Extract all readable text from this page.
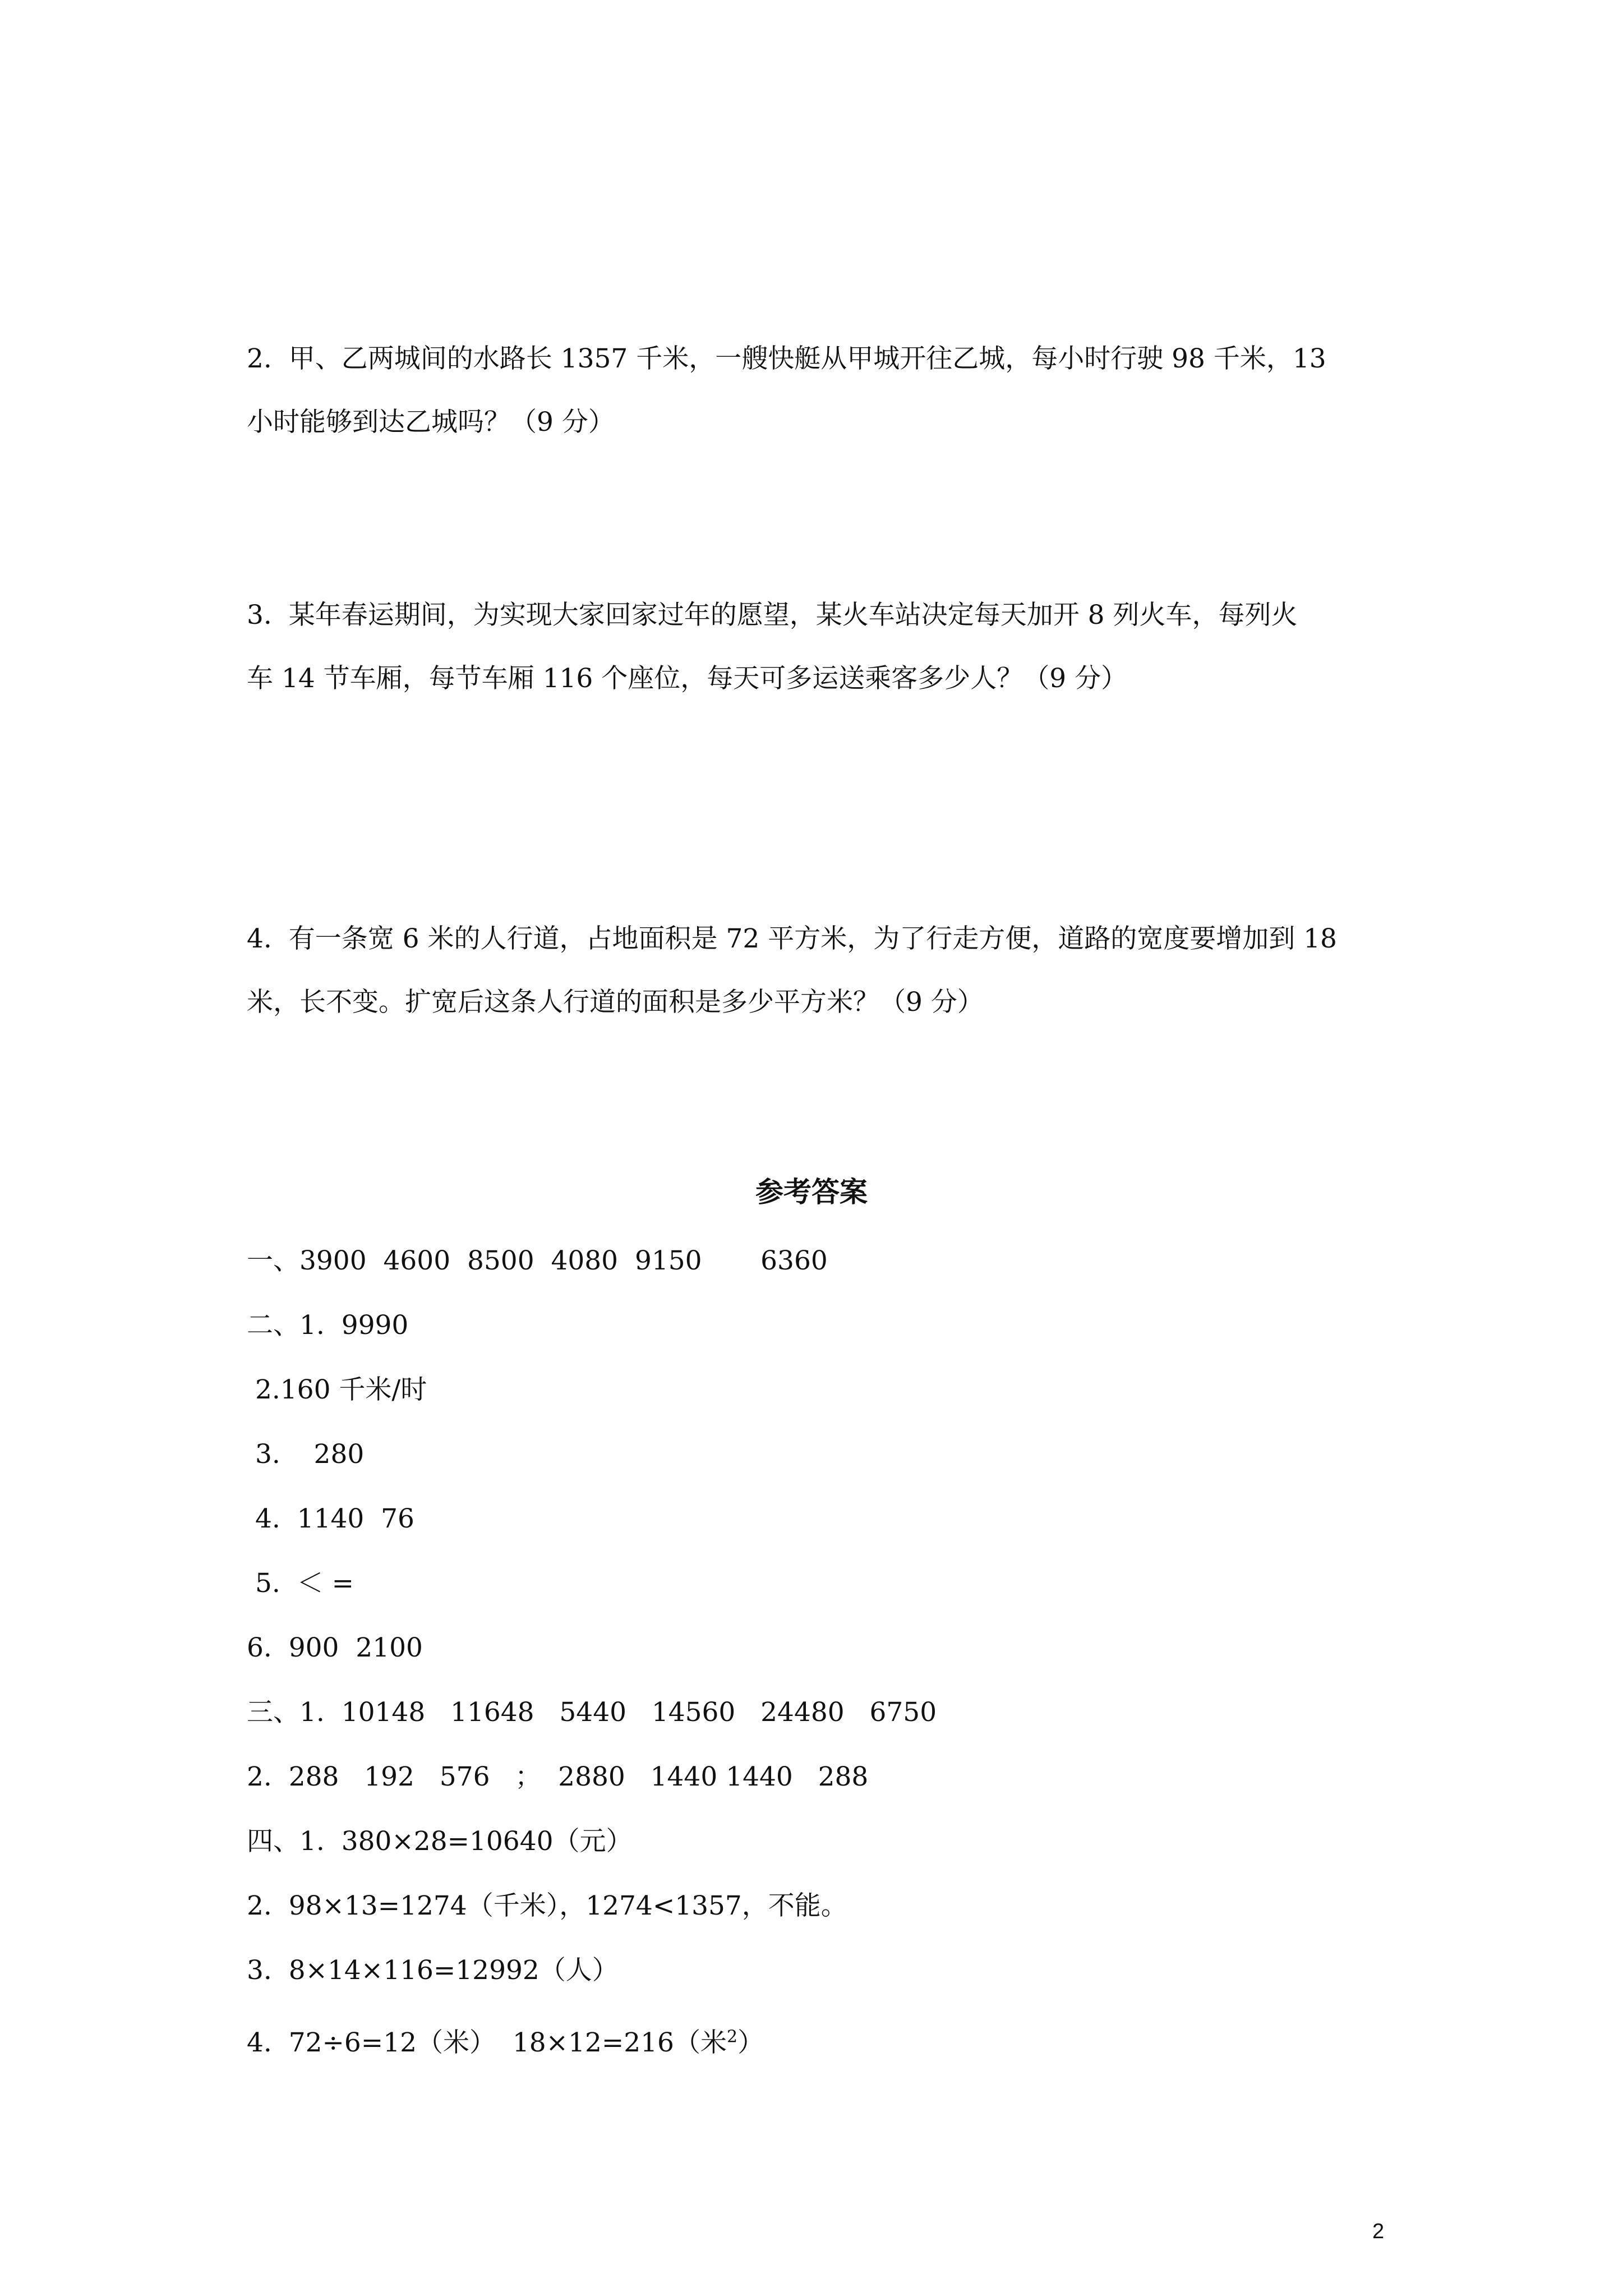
2.  甲、乙两城间的水路长 1357 千米，一艘快艇从甲城开往乙城，每小时行驶 98 千米，13
小时能够到达乙城吗？（9 分）
3.  某年春运期间，为实现大家回家过年的愿望，某火车站决定每天加开 8 列火车，每列火
车 14 节车厢，每节车厢 116 个座位，每天可多运送乘客多少人？（9 分）
4.  有一条宽 6 米的人行道，占地面积是 72 平方米，为了行走方便，道路的宽度要增加到 18
米，长不变。扩宽后这条人行道的面积是多少平方米？（9 分）
参考答案
一、3900  4600  8500  4080  9150       6360
二、1.  9990
2.160 千米/时
3.    280
4.  1140  76
5.  ＜ =
6.  900  2100
三、1.  10148   11648   5440   14560   24480   6750
2.  288   192   576   ；  2880   1440 1440   288
四、1.  380×28=10640（元）
2.  98×13=1274（千米），1274<1357，不能。
3.  8×14×116=12992（人）
4.  72÷6=12（米）  18×12=216（米$^2$）
2
